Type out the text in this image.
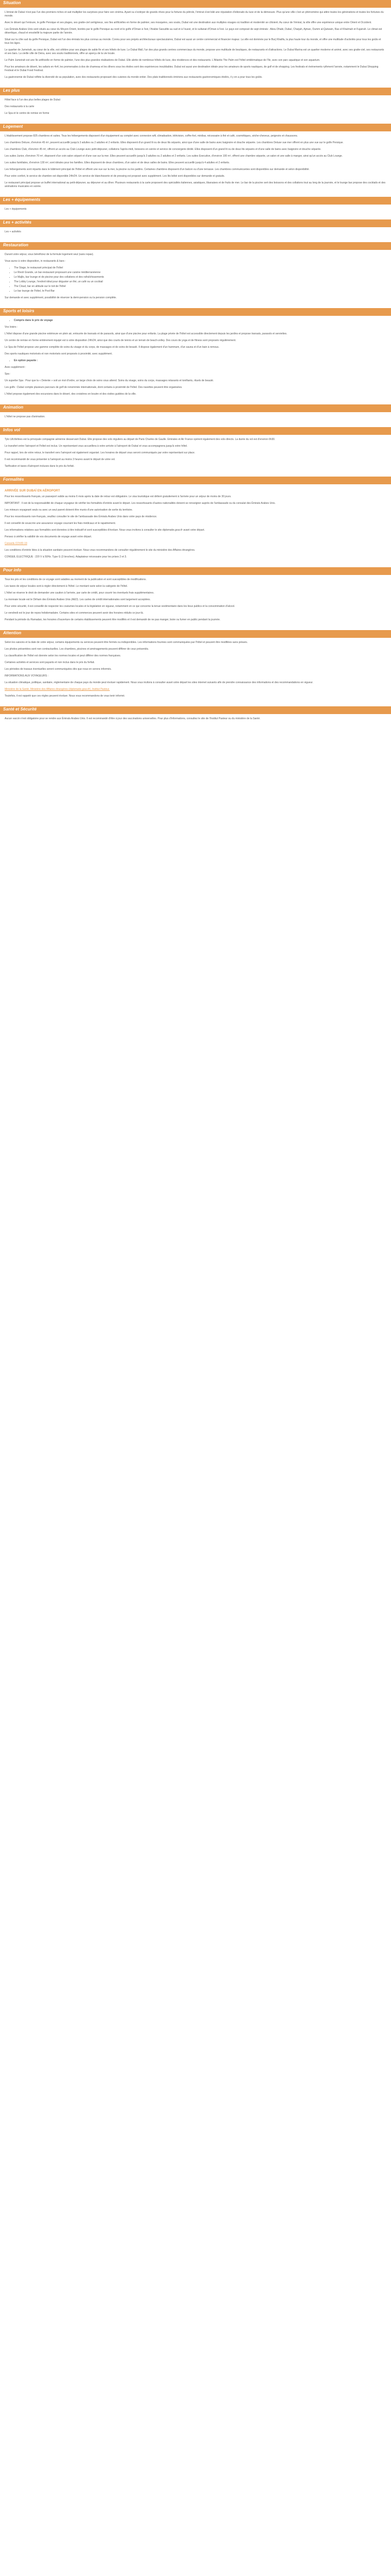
Situation

L'émirat de Dubaï n'est pas l'un des premiers riches et sait multiplier les surprises pour faire son cinéma. Ayant su s'extirper de grands rêves pour la fortune du pétrole, l'émirat s'est bâti une réputation d'eldorado du luxe et de la démesure. Plus qu'une ville c'est un phénomène qui attire toutes les générations et toutes les fortunes du monde.

Avec le désert qui l'entoure, le golfe Persique et ses plages, ses gratte-ciel vertigineux, ses îles artificielles en forme de palmier, ses mosquées, ses souks, Dubaï est une destination aux multiples visages où tradition et modernité se côtoient. Au cœur de l'émirat, la ville offre une expérience unique entre Orient et Occident.

Les Émirats Arabes Unis sont situés au cœur du Moyen-Orient, bordés par le golfe Persique au nord et le golfe d'Oman à l'est, l'Arabie Saoudite au sud et à l'ouest, et le sultanat d'Oman à l'est. Le pays est composé de sept émirats : Abou Dhabi, Dubaï, Charjah, Ajman, Oumm al-Qaïwaïn, Ras el Khaïmah et Fujaïrah. Le climat est désertique, chaud et ensoleillé la majeure partie de l'année.

Situé sur la côte sud du golfe Persique, Dubaï est l'un des émirats les plus connus au monde. Connu pour ses projets architecturaux spectaculaires, Dubaï est aussi un centre commercial et financier majeur. La ville est dominée par le Burj Khalifa, la plus haute tour du monde, et offre une multitude d'activités pour tous les goûts et tous les âges.

Le quartier de Jumeirah, au cœur de la ville, est célèbre pour ses plages de sable fin et ses hôtels de luxe. Le Dubai Mall, l'un des plus grands centres commerciaux du monde, propose une multitude de boutiques, de restaurants et d'attractions. Le Dubai Marina est un quartier moderne et animé, avec ses gratte-ciel, ses restaurants et ses bars. La vieille ville de Deira, avec ses souks traditionnels, offre un aperçu de la vie locale.

Le Palm Jumeirah est une île artificielle en forme de palmier, l'une des plus grandes réalisations de Dubaï. Elle abrite de nombreux hôtels de luxe, des résidences et des restaurants. L'Atlantis The Palm est l'hôtel emblématique de l'île, avec son parc aquatique et son aquarium.

Pour les amateurs de désert, les safaris en 4x4, les promenades à dos de chameau et les dîners sous les étoiles sont des expériences inoubliables. Dubaï est aussi une destination idéale pour les amateurs de sports nautiques, de golf et de shopping. Les festivals et événements rythment l'année, notamment le Dubai Shopping Festival et le Dubai Food Festival.

La gastronomie de Dubaï reflète la diversité de sa population, avec des restaurants proposant des cuisines du monde entier. Des plats traditionnels émiriens aux restaurants gastronomiques étoilés, il y en a pour tous les goûts.

Les plus

Hôtel face à l'un des plus belles plages de Dubaï

Des restaurants à la carte

Le Spa et le centre de remise en forme

Logement

L'établissement propose 825 chambres et suites. Tous les hébergements disposent d'un équipement au complet avec connexion wifi, climatisation, télévision, coffre-fort, minibar, nécessaire à thé et café, cosmétiques, sèche-cheveux, peignoirs et chaussons.

Les chambres Deluxe, d'environ 45 m², peuvent accueillir jusqu'à 3 adultes ou 2 adultes et 2 enfants. Elles disposent d'un grand lit ou de deux lits séparés, ainsi que d'une salle de bains avec baignoire et douche séparée. Les chambres Deluxe vue mer offrent en plus une vue sur le golfe Persique.

Les chambres Club, d'environ 45 m², offrent un accès au Club Lounge avec petit-déjeuner, collations l'après-midi, boissons en soirée et service de conciergerie dédié. Elles disposent d'un grand lit ou de deux lits séparés et d'une salle de bains avec baignoire et douche séparée.

Les suites Junior, d'environ 70 m², disposent d'un coin salon séparé et d'une vue sur la mer. Elles peuvent accueillir jusqu'à 3 adultes ou 2 adultes et 2 enfants. Les suites Executive, d'environ 100 m², offrent une chambre séparée, un salon et une salle à manger, ainsi qu'un accès au Club Lounge.

Les suites familiales, d'environ 130 m², sont idéales pour les familles. Elles disposent de deux chambres, d'un salon et de deux salles de bains. Elles peuvent accueillir jusqu'à 4 adultes et 2 enfants.

Les hébergements sont répartis dans le bâtiment principal de l'hôtel et offrent une vue sur la mer, la piscine ou les jardins. Certaines chambres disposent d'un balcon ou d'une terrasse. Les chambres communicantes sont disponibles sur demande et selon disponibilité.

Pour votre confort, le service de chambre est disponible 24h/24. Un service de blanchisserie et de pressing est proposé avec supplément. Les lits bébé sont disponibles sur demande et gratuits.

Le restaurant principal propose un buffet international au petit-déjeuner, au déjeuner et au dîner. Plusieurs restaurants à la carte proposent des spécialités italiennes, asiatiques, libanaises et de fruits de mer. Le bar de la piscine sert des boissons et des collations tout au long de la journée, et le lounge bar propose des cocktails et des animations musicales en soirée.

Les + équipements

Les + équipements

Les + activités

Les + activités

Restauration

Durant votre séjour, vous bénéficiez de la formule logement seul (sans repas).

Vous aurez à votre disposition, in restaurants & bars :

• The Stage, le restaurant principal de l'hôtel
• Le Rivoli Grande, un bar-restaurant proposant une cuisine méditerranéenne
• Le Majlis, bar lounge et de piscine pour des collations et des rafraîchissements
• The Lobby Lounge, l'endroit idéal pour déguster un thé, un café ou un cocktail
• The Cloud, bar en altitude sur le toit de l'hôtel
• Le bar lounge de l'hôtel, le Pool Bar

Sur demande et avec supplément, possibilité de réserver la demi-pension ou la pension complète.

Sports et loisirs
• Compris dans le prix de voyage

Vos loisirs :

L'hôtel dispose d'une grande piscine extérieure en plein air, entourée de transats et de parasols, ainsi que d'une piscine pour enfants. La plage privée de l'hôtel est accessible directement depuis les jardins et propose transats, parasols et serviettes.

Un centre de remise en forme entièrement équipé est à votre disposition 24h/24, ainsi que des courts de tennis et un terrain de beach-volley. Des cours de yoga et de fitness sont proposés régulièrement.

Le Spa de l'hôtel propose une gamme complète de soins du visage et du corps, de massages et de soins de beauté. Il dispose également d'un hammam, d'un sauna et d'un bain à remous.

Des sports nautiques motorisés et non motorisés sont proposés à proximité, avec supplément.

• En option payante :

Avec supplément :

Spa :

Un superbe Spa : Pour que la « Detente » soit un mot d'ordre, un large choix de soins vous attend. Soins du visage, soins du corps, massages relaxants et tonifiants, rituels de beauté.

Les golfs : Dubaï compte plusieurs parcours de golf de renommée internationale, dont certains à proximité de l'hôtel. Des navettes peuvent être organisées.

L'hôtel propose également des excursions dans le désert, des croisières en boutre et des visites guidées de la ville.

Animation

L'hôtel ne propose pas d'animation.

Infos vol

Tylo UA Airlines est la principale compagnie aérienne desservant Dubaï. Elle propose des vols réguliers au départ de Paris Charles de Gaulle. Emirates et Air France opèrent également des vols directs. La durée du vol est d'environ 6h30.

Le transfert entre l'aéroport et l'hôtel est inclus. Un représentant vous accueillera à votre arrivée à l'aéroport de Dubaï et vous accompagnera jusqu'à votre hôtel.

Pour rappel, lors de votre retour, le transfert vers l'aéroport est également organisé. Les horaires de départ vous seront communiqués par votre représentant sur place.

Il est recommandé de vous présenter à l'aéroport au moins 3 heures avant le départ de votre vol.

Tarification et taxes d'aéroport incluses dans le prix du forfait.

Formalités

ARRIVÉE SUR DUBAÏ EN AÉROPORT

Pour les ressortissants français, un passeport valide au moins 6 mois après la date de retour est obligatoire. Le visa touristique est délivré gratuitement à l'arrivée pour un séjour de moins de 30 jours.

IMPORTANT : Il est de la responsabilité de chaque voyageur de vérifier les formalités d'entrée avant le départ. Les ressortissants d'autres nationalités doivent se renseigner auprès de l'ambassade ou du consulat des Émirats Arabes Unis.

Les mineurs voyageant seuls ou avec un seul parent doivent être munis d'une autorisation de sortie du territoire.

Pour les ressortissants non-français, veuillez consulter le site de l'ambassade des Émirats Arabes Unis dans votre pays de résidence.

Il est conseillé de souscrire une assurance voyage couvrant les frais médicaux et le rapatriement.

Les informations relatives aux formalités sont données à titre indicatif et sont susceptibles d'évoluer. Nous vous invitons à consulter le site diplomatie.gouv.fr avant votre départ.

Pensez à vérifier la validité de vos documents de voyage avant votre départ.

Conseils COVID-19

Les conditions d'entrée liées à la situation sanitaire peuvent évoluer. Nous vous recommandons de consulter régulièrement le site du ministère des Affaires étrangères.

CONSEIL ÉLECTRIQUE : 220 V à 50Hz. Type G (3 broches). Adaptateur nécessaire pour les prises 2 et 3.

Pour info

Tous les prix et les conditions de ce voyage sont valables au moment de la publication et sont susceptibles de modifications.

Les taxes de séjour locales sont à régler directement à l'hôtel. Le montant varie selon la catégorie de l'hôtel.

L'hôtel se réserve le droit de demander une caution à l'arrivée, par carte de crédit, pour couvrir les éventuels frais supplémentaires.

La monnaie locale est le Dirham des Émirats Arabes Unis (AED). Les cartes de crédit internationales sont largement acceptées.

Pour votre sécurité, il est conseillé de respecter les coutumes locales et la législation en vigueur, notamment en ce qui concerne la tenue vestimentaire dans les lieux publics et la consommation d'alcool.

Le vendredi est le jour de repos hebdomadaire. Certains sites et commerces peuvent avoir des horaires réduits ce jour-là.

Pendant la période du Ramadan, les horaires d'ouverture de certains établissements peuvent être modifiés et il est demandé de ne pas manger, boire ou fumer en public pendant la journée.

Attention

Selon les saisons et la date de votre séjour, certains équipements ou services peuvent être fermés ou indisponibles. Les informations fournies sont communiquées par l'hôtel et peuvent être modifiées sans préavis.

Les photos présentées sont non contractuelles. Les chambres, piscines et aménagements peuvent différer de ceux présentés.

La classification de l'hôtel est donnée selon les normes locales et peut différer des normes françaises.

Certaines activités et services sont payants et non inclus dans le prix du forfait.

Les périodes de travaux éventuelles seront communiquées dès que nous en serons informés.

INFORMATIONS AUX VOYAGEURS :

La situation climatique, politique, sanitaire, réglementaire de chaque pays du monde peut évoluer rapidement. Nous vous invitons à consulter avant votre départ les sites internet suivants afin de prendre connaissance des informations et des recommandations en vigueur.

Ministère de la Santé, Ministère des Affaires étrangères (diplomatie.gouv.fr), Institut Pasteur.

Toutefois, il est rappelé que ces règles peuvent évoluer. Nous vous recommandons de vous tenir informé.

Santé et Sécurité

Aucun vaccin n'est obligatoire pour se rendre aux Émirats Arabes Unis. Il est recommandé d'être à jour des vaccinations universelles. Pour plus d'informations, consultez le site de l'Institut Pasteur ou du ministère de la Santé.
